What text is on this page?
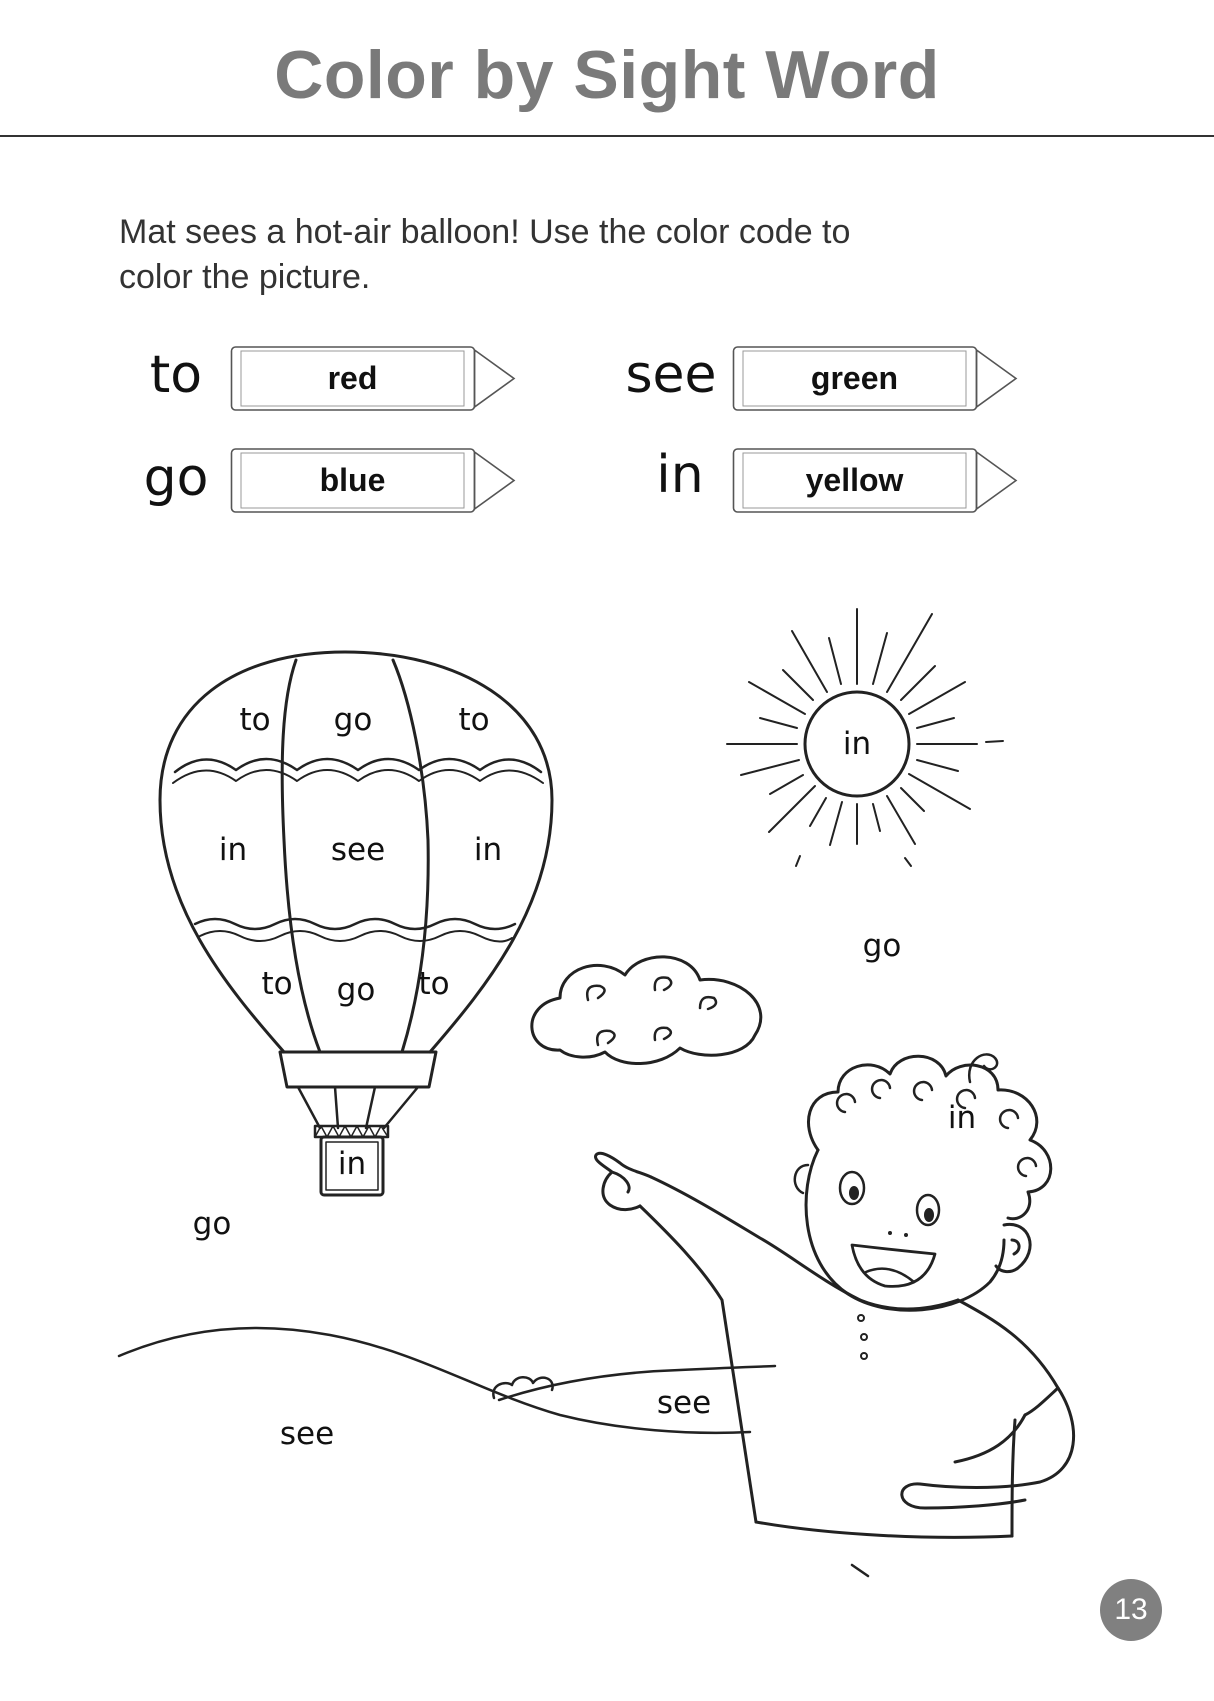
Color by Sight Word
Mat sees a hot-air balloon! Use the color code to
color the picture.
to	red	see	green
go	blue	in	yellow
to go	to
in	see	in
to go to
in
go
in
go
in
see
see
13
